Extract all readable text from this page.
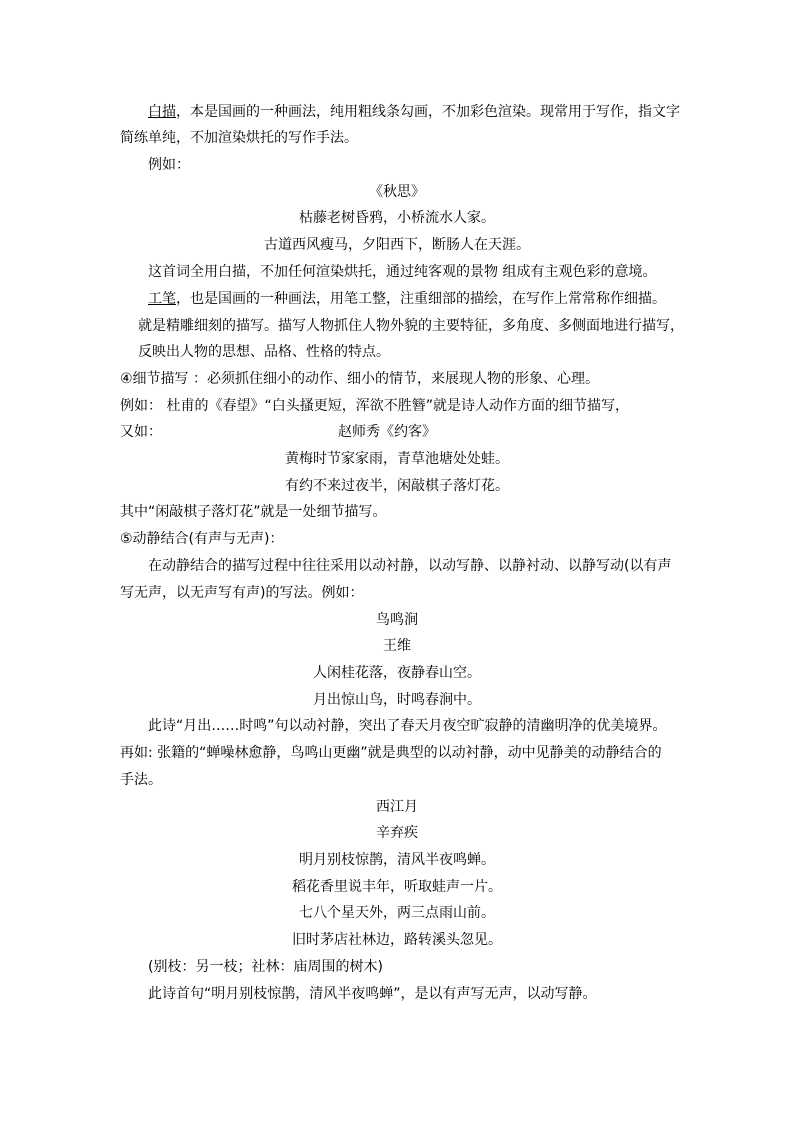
白描，本是国画的一种画法，纯用粗线条勾画，不加彩色渲染。现常用于写作，指文字
简练单纯，不加渲染烘托的写作手法。
例如：
《秋思》
枯藤老树昏鸦，小桥流水人家。
古道西风瘦马，夕阳西下，断肠人在天涯。
这首词全用白描，不加任何渲染烘托，通过纯客观的景物 组成有主观色彩的意境。
工笔，也是国画的一种画法，用笔工整，注重细部的描绘，在写作上常常称作细描。
就是精雕细刻的描写。描写人物抓住人物外貌的主要特征，多角度、多侧面地进行描写，
反映出人物的思想、品格、性格的特点。
④细节描写 ：必须抓住细小的动作、细小的情节，来展现人物的形象、心理。
例如： 杜甫的《春望》“白头搔更短，浑欲不胜簪”就是诗人动作方面的细节描写，
又如：	赵师秀《约客》
黄梅时节家家雨，青草池塘处处蛙。
有约不来过夜半，闲敲棋子落灯花。
其中“闲敲棋子落灯花”就是一处细节描写。
⑤动静结合(有声与无声)：
在动静结合的描写过程中往往采用以动衬静，以动写静、以静衬动、以静写动(以有声
写无声，以无声写有声)的写法。例如：
鸟鸣涧
王维
人闲桂花落，夜静春山空。
月出惊山鸟，时鸣春涧中。
此诗“月出……时鸣”句以动衬静，突出了春天月夜空旷寂静的清幽明净的优美境界。
再如: 张籍的“蝉噪林愈静，鸟鸣山更幽”就是典型的以动衬静，动中见静美的动静结合的
手法。
西江月
辛弃疾
明月别枝惊鹊，清风半夜鸣蝉。
稻花香里说丰年，听取蛙声一片。
七八个星天外，两三点雨山前。
旧时茅店社林边，路转溪头忽见。
(别枝：另一枝；社林：庙周围的树木)
此诗首句“明月别枝惊鹊，清风半夜鸣蝉”，是以有声写无声，以动写静。
